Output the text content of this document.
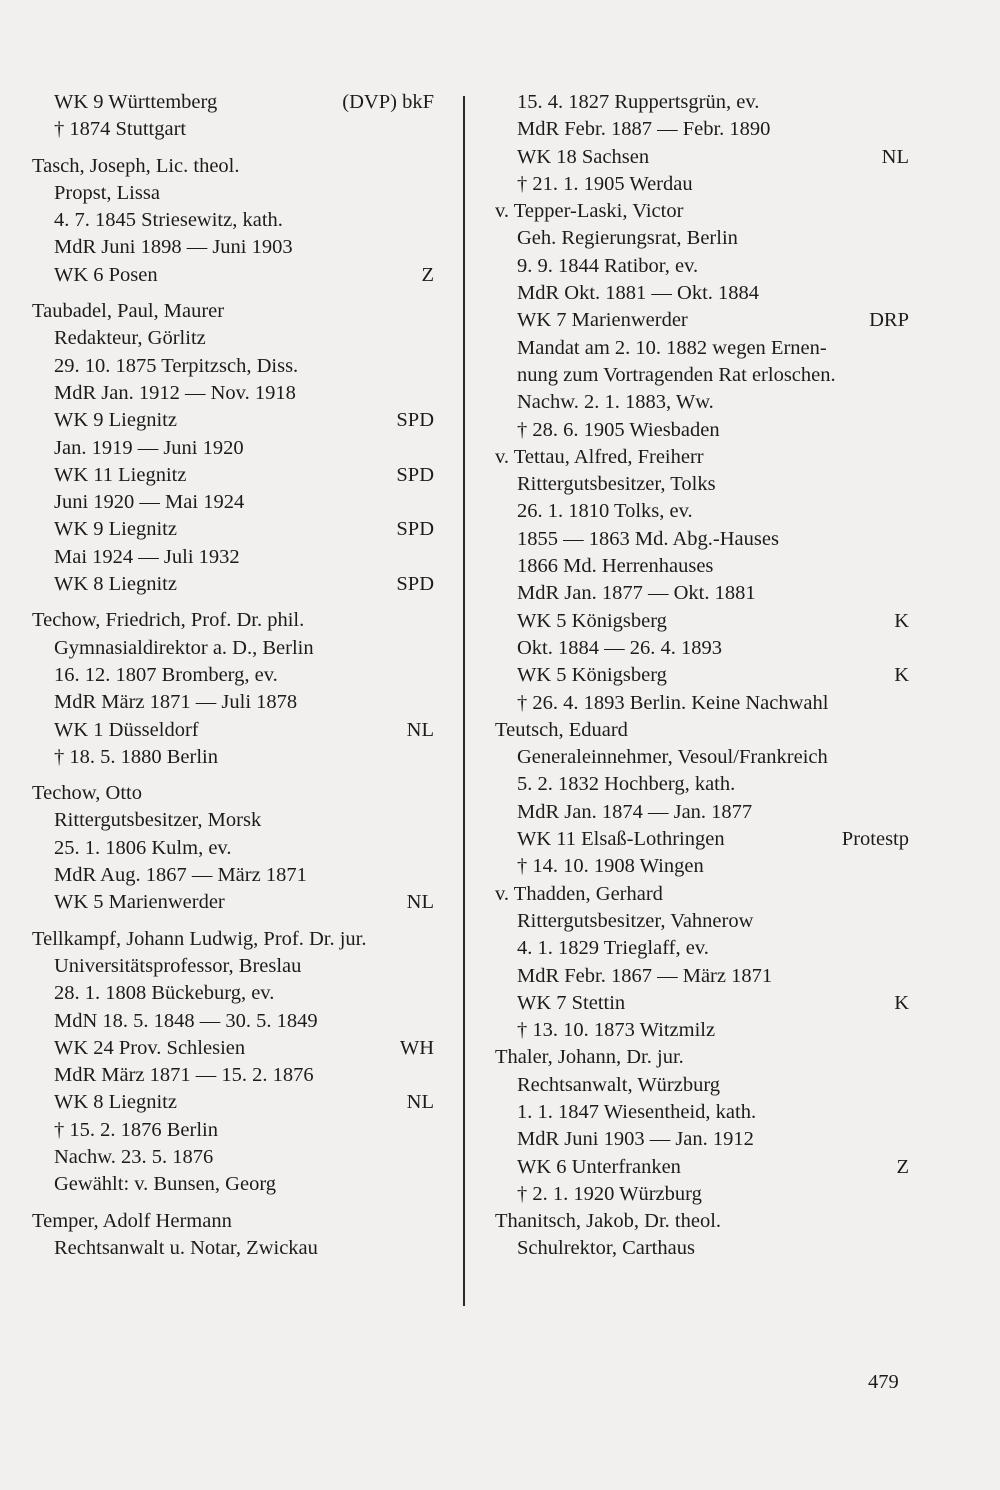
WK 9 Württemberg	(DVP) bkF
† 1874 Stuttgart
Tasch, Joseph, Lic. theol.
Propst, Lissa
4. 7. 1845 Striesewitz, kath.
MdR Juni 1898 — Juni 1903
WK 6 Posen	Z
Taubadel, Paul, Maurer
Redakteur, Görlitz
29. 10. 1875 Terpitzsch, Diss.
MdR Jan. 1912 — Nov. 1918
WK 9 Liegnitz	SPD
Jan. 1919 — Juni 1920
WK 11 Liegnitz	SPD
Juni 1920 — Mai 1924
WK 9 Liegnitz	SPD
Mai 1924 — Juli 1932
WK 8 Liegnitz	SPD
Techow, Friedrich, Prof. Dr. phil.
Gymnasialdirektor a. D., Berlin
16. 12. 1807 Bromberg, ev.
MdR März 1871 — Juli 1878
WK 1 Düsseldorf	NL
† 18. 5. 1880 Berlin
Techow, Otto
Rittergutsbesitzer, Morsk
25. 1. 1806 Kulm, ev.
MdR Aug. 1867 — März 1871
WK 5 Marienwerder	NL
Tellkampf, Johann Ludwig, Prof. Dr. jur.
Universitätsprofessor, Breslau
28. 1. 1808 Bückeburg, ev.
MdN 18. 5. 1848 — 30. 5. 1849
WK 24 Prov. Schlesien	WH
MdR März 1871 — 15. 2. 1876
WK 8 Liegnitz	NL
† 15. 2. 1876 Berlin
Nachw. 23. 5. 1876
Gewählt: v. Bunsen, Georg
Temper, Adolf Hermann
Rechtsanwalt u. Notar, Zwickau
15. 4. 1827 Ruppertsgrün, ev.
MdR Febr. 1887 — Febr. 1890
WK 18 Sachsen	NL
† 21. 1. 1905 Werdau
v. Tepper-Laski, Victor
Geh. Regierungsrat, Berlin
9. 9. 1844 Ratibor, ev.
MdR Okt. 1881 — Okt. 1884
WK 7 Marienwerder	DRP
Mandat am 2. 10. 1882 wegen Ernen-
nung zum Vortragenden Rat erloschen.
Nachw. 2. 1. 1883, Ww.
† 28. 6. 1905 Wiesbaden
v. Tettau, Alfred, Freiherr
Rittergutsbesitzer, Tolks
26. 1. 1810 Tolks, ev.
1855 — 1863 Md. Abg.-Hauses
1866 Md. Herrenhauses
MdR Jan. 1877 — Okt. 1881
WK 5 Königsberg	K
Okt. 1884 — 26. 4. 1893
WK 5 Königsberg	K
† 26. 4. 1893 Berlin. Keine Nachwahl
Teutsch, Eduard
Generaleinnehmer, Vesoul/Frankreich
5. 2. 1832 Hochberg, kath.
MdR Jan. 1874 — Jan. 1877
WK 11 Elsaß-Lothringen	Protestp
† 14. 10. 1908 Wingen
v. Thadden, Gerhard
Rittergutsbesitzer, Vahnerow
4. 1. 1829 Trieglaff, ev.
MdR Febr. 1867 — März 1871
WK 7 Stettin	K
† 13. 10. 1873 Witzmilz
Thaler, Johann, Dr. jur.
Rechtsanwalt, Würzburg
1. 1. 1847 Wiesentheid, kath.
MdR Juni 1903 — Jan. 1912
WK 6 Unterfranken	Z
† 2. 1. 1920 Würzburg
Thanitsch, Jakob, Dr. theol.
Schulrektor, Carthaus
479
